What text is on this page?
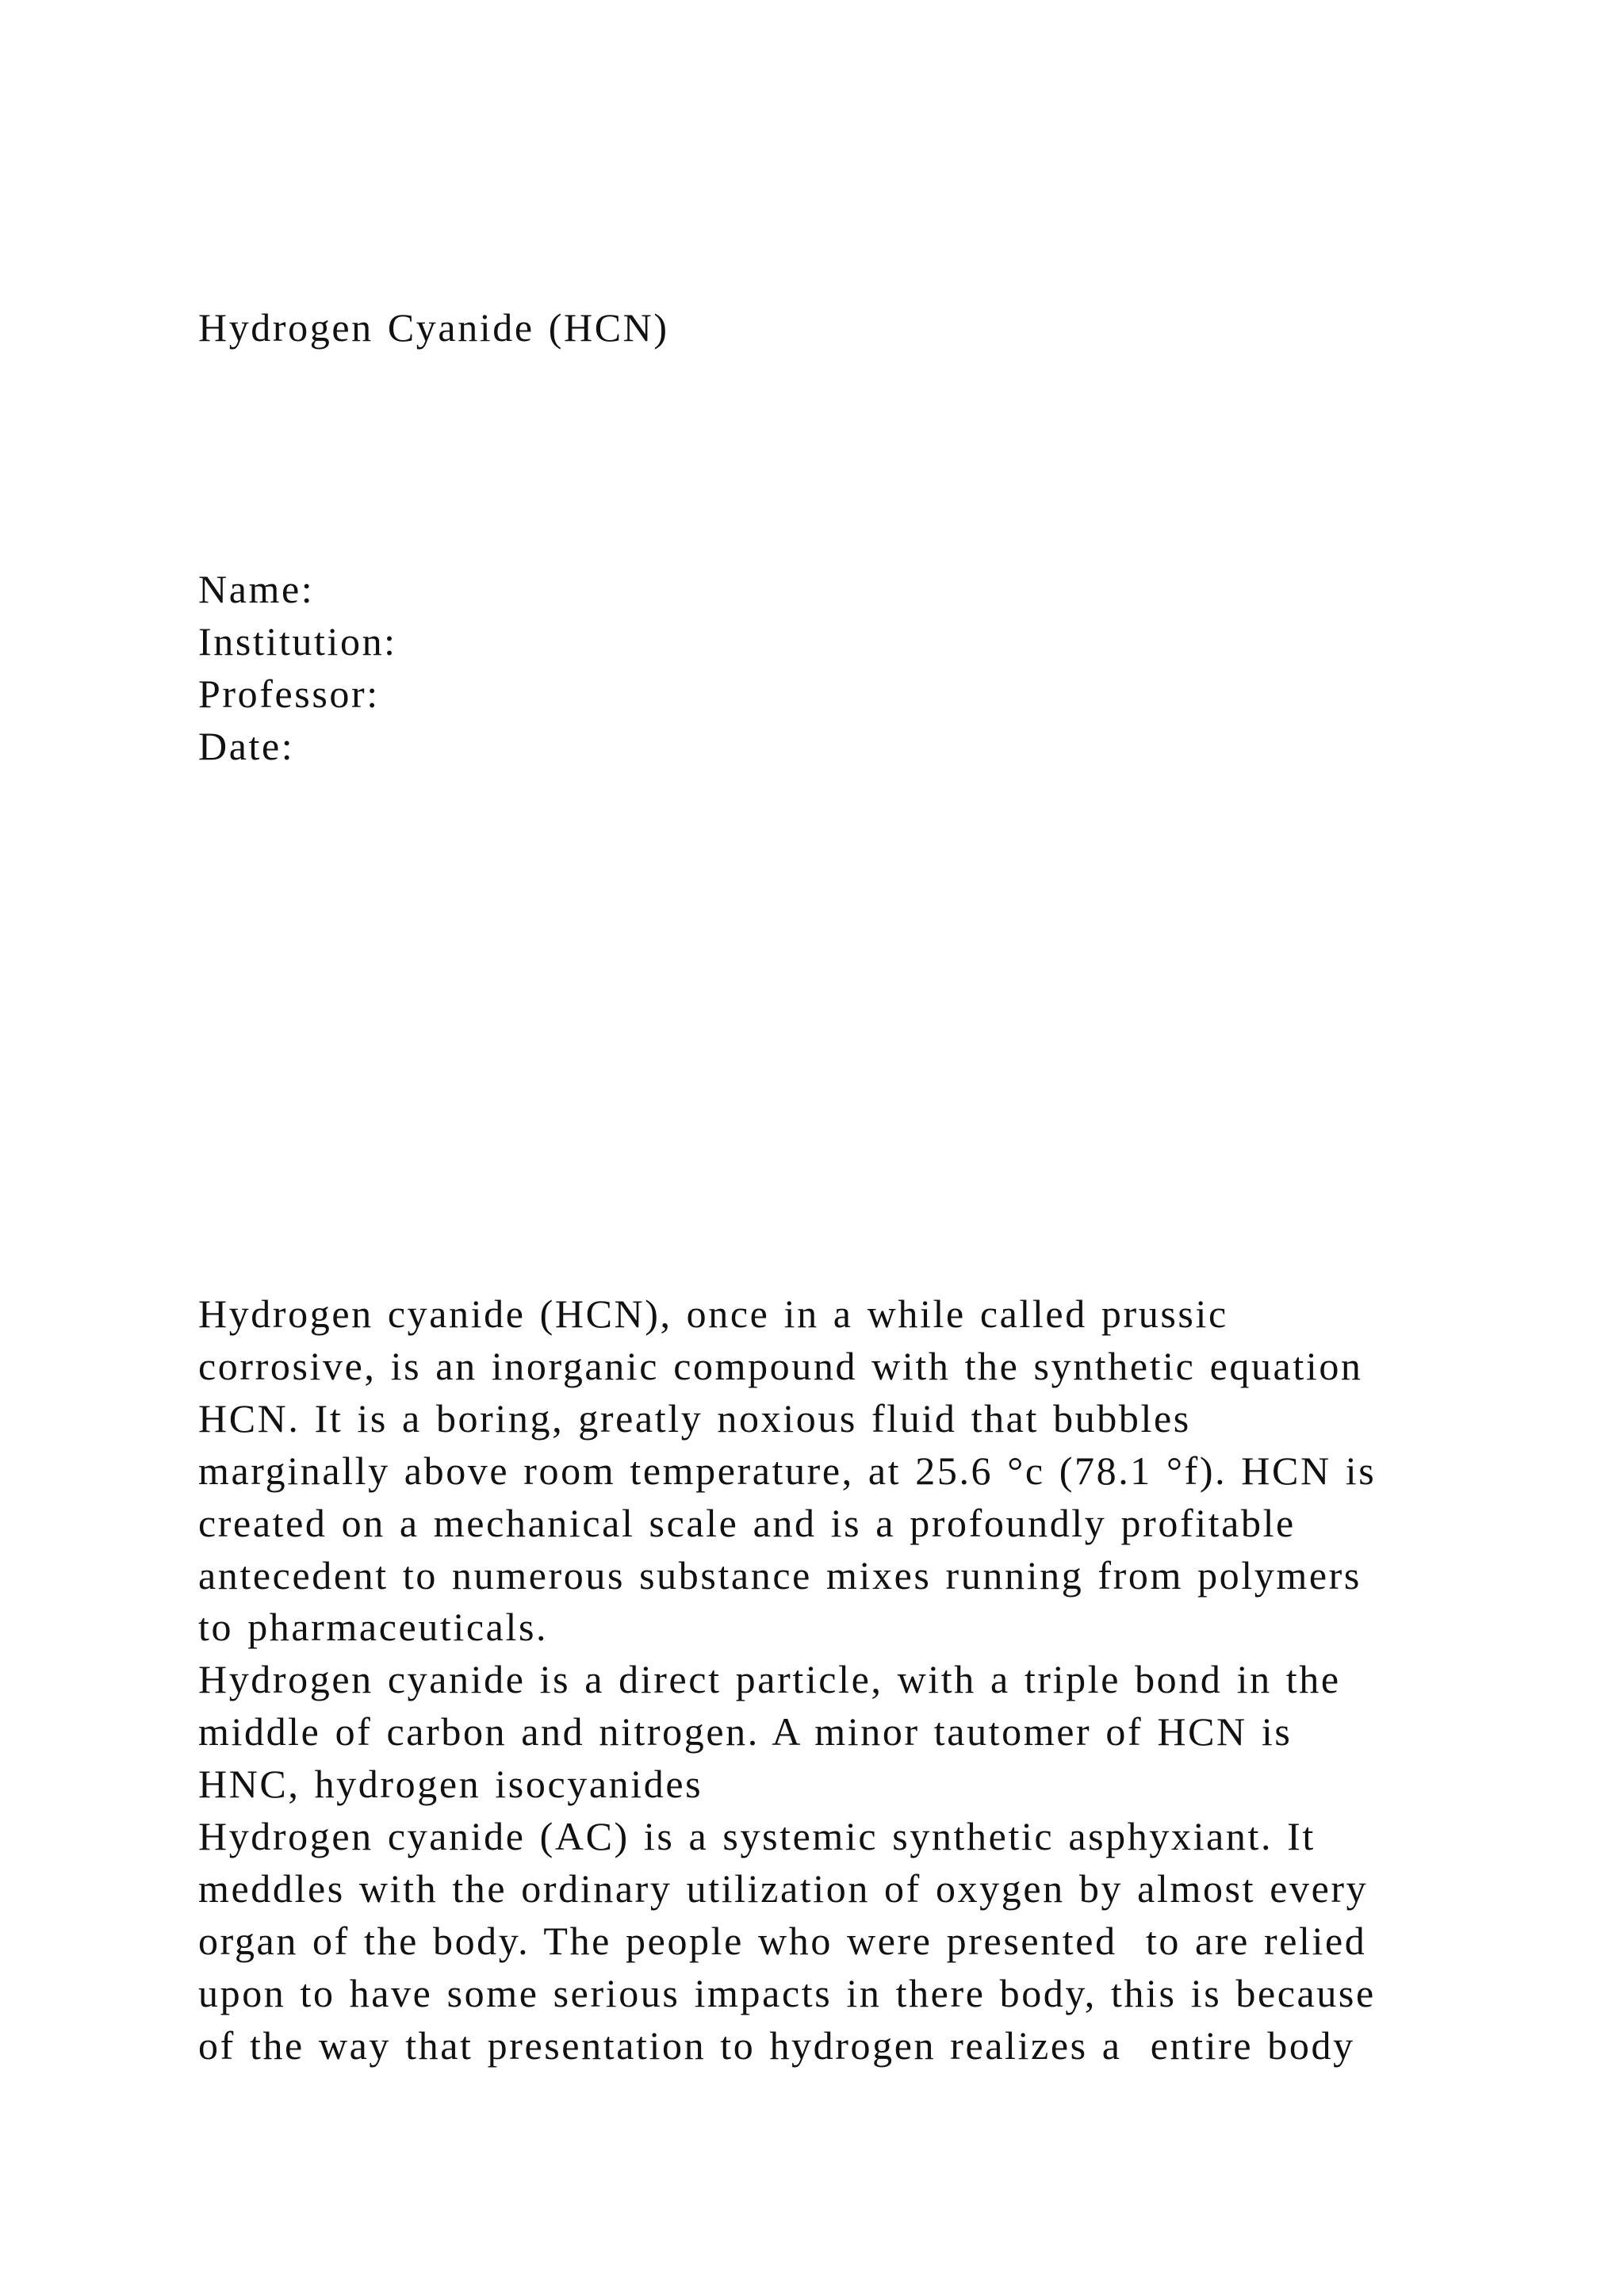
Hydrogen Cyanide (HCN)

Name:

Institution:

Professor:

Date:

Hydrogen cyanide (HCN), once in a while called prussic
corrosive, is an inorganic compound with the synthetic equation
HCN. It is a boring, greatly noxious fluid that bubbles
marginally above room temperature, at 25.6 °c (78.1 °f). HCN is
created on a mechanical scale and is a profoundly profitable
antecedent to numerous substance mixes running from polymers
to pharmaceuticals.
Hydrogen cyanide is a direct particle, with a triple bond in the
middle of carbon and nitrogen. A minor tautomer of HCN is
HNC, hydrogen isocyanides
Hydrogen cyanide (AC) is a systemic synthetic asphyxiant. It
meddles with the ordinary utilization of oxygen by almost every
organ of the body. The people who were presented  to are relied
upon to have some serious impacts in there body, this is because
of the way that presentation to hydrogen realizes a  entire body
